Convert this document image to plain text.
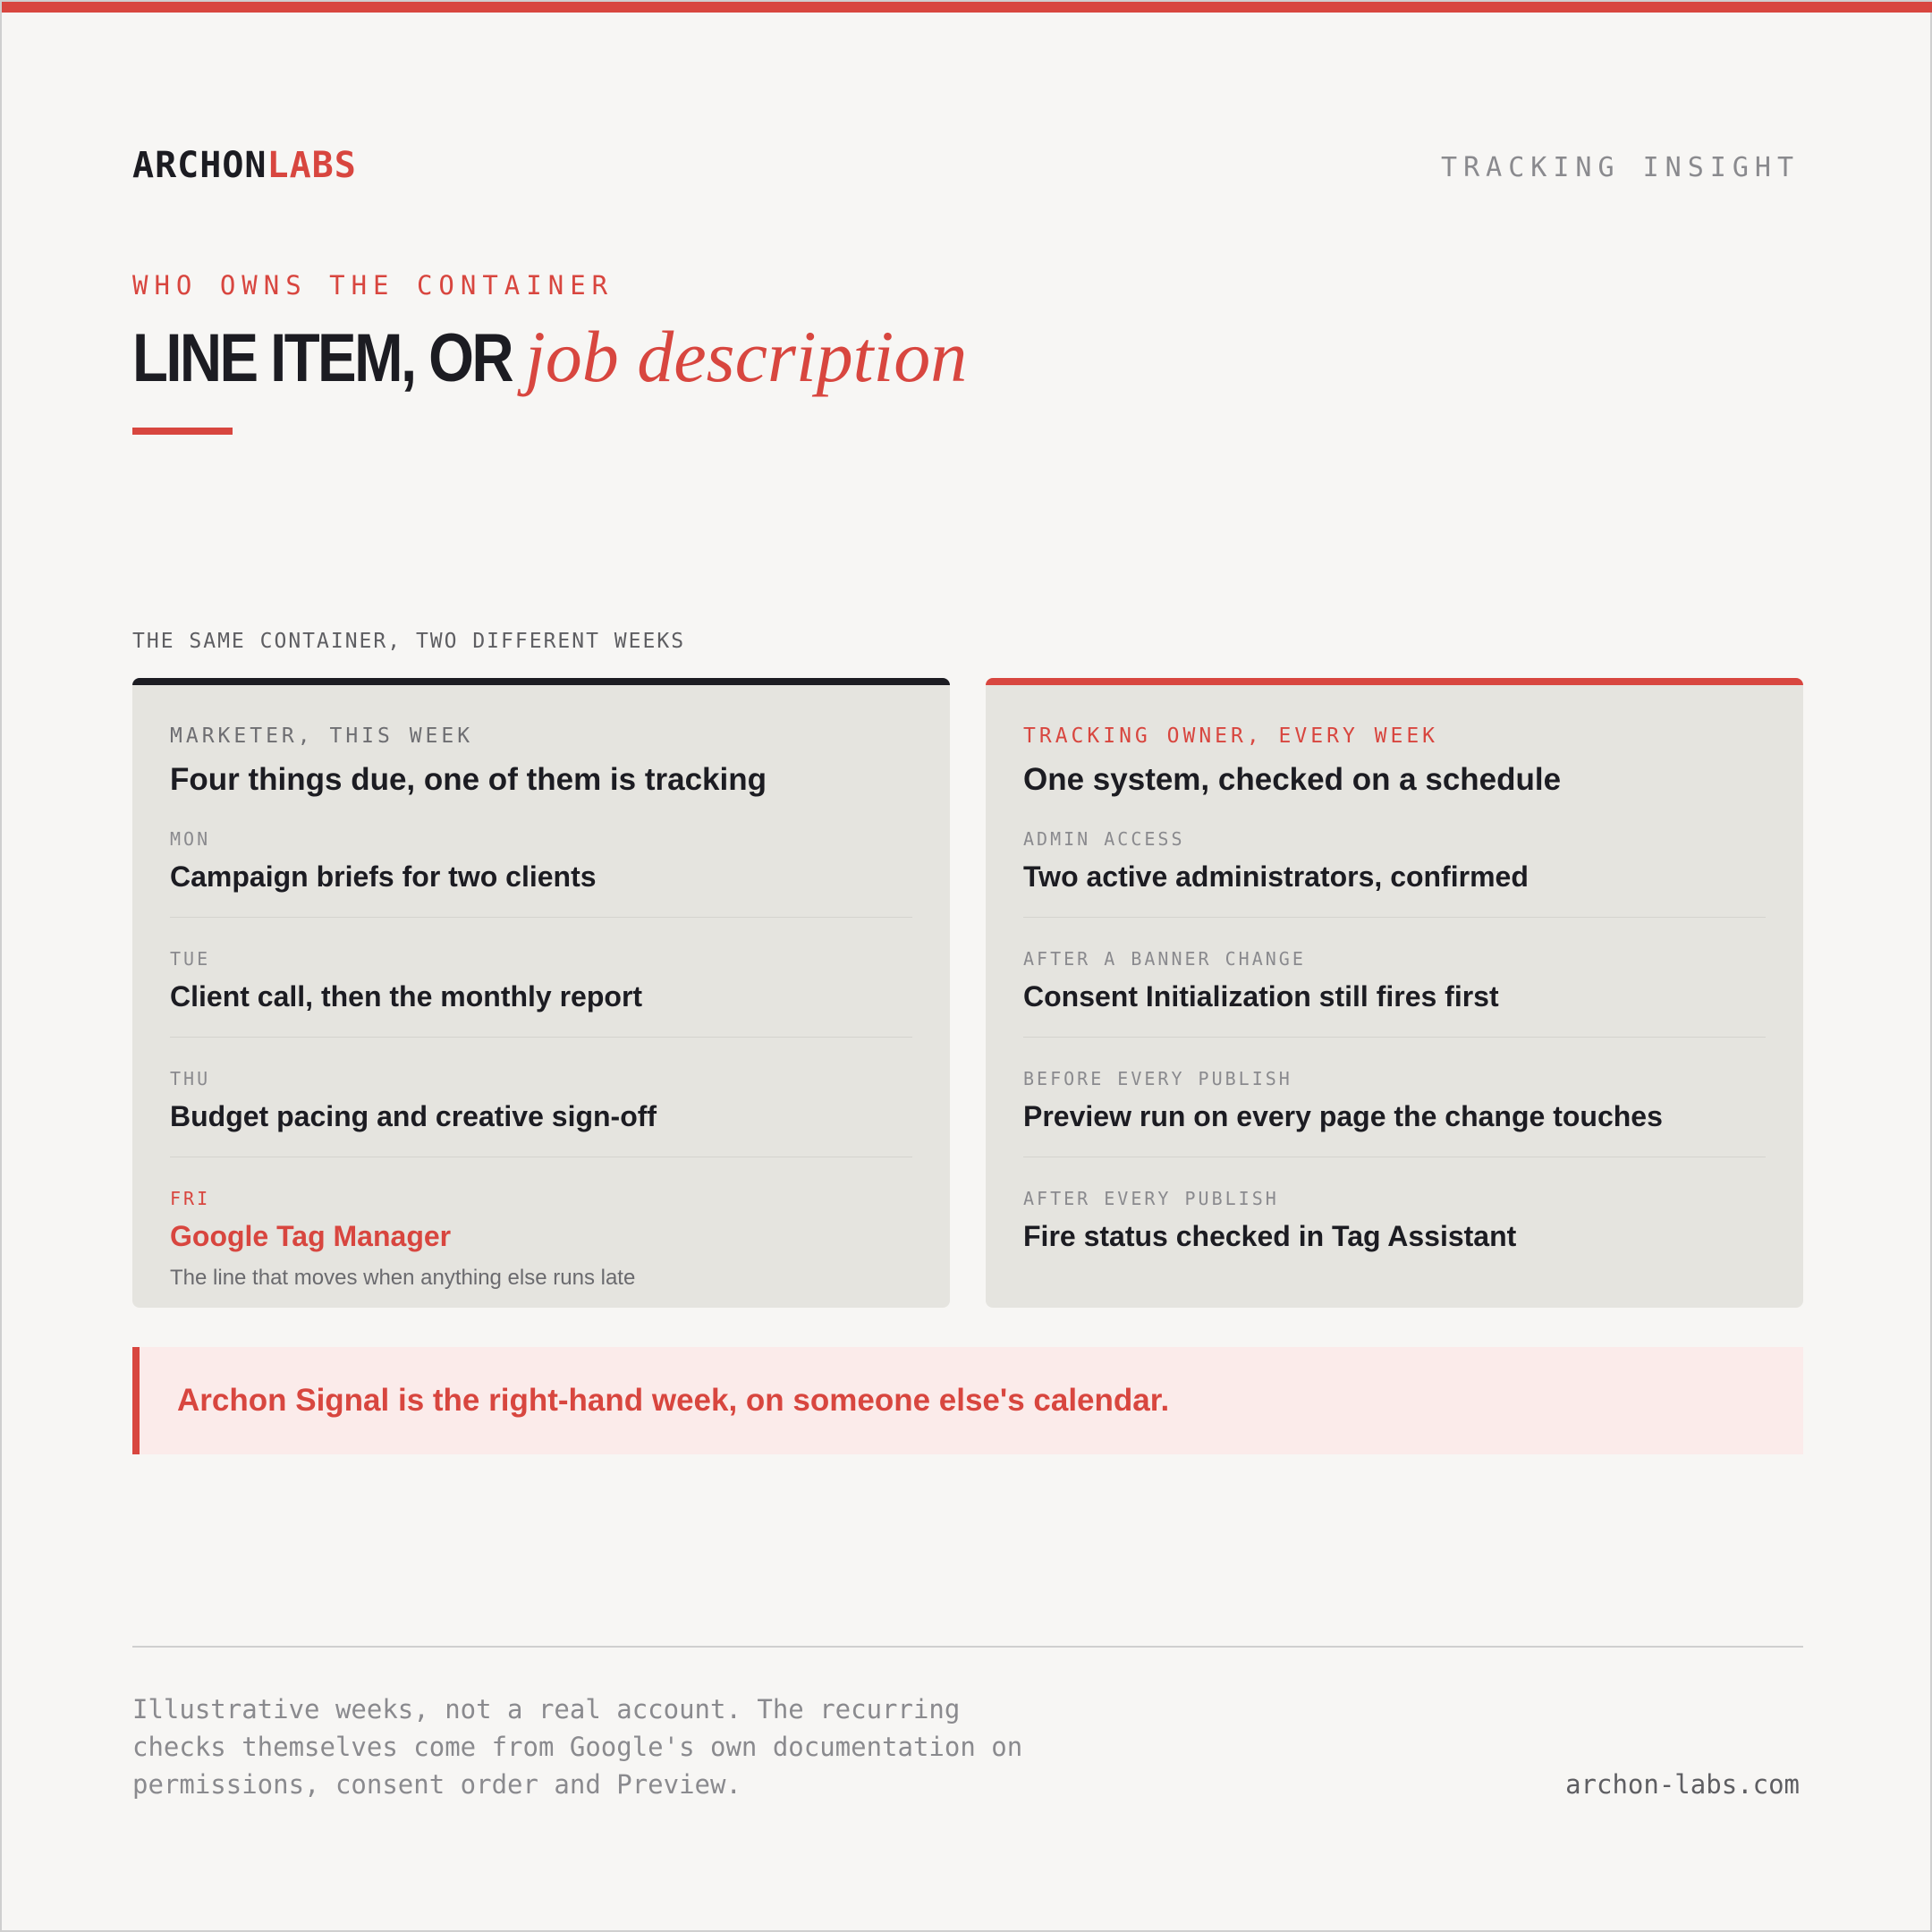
ARCHONLABS	TRACKING INSIGHT
WHO OWNS THE CONTAINER
LINE ITEM, OR job description
THE SAME CONTAINER, TWO DIFFERENT WEEKS
MARKETER, THIS WEEK
Four things due, one of them is tracking
MON
Campaign briefs for two clients
TUE
Client call, then the monthly report
THU
Budget pacing and creative sign-off
FRI
Google Tag Manager
The line that moves when anything else runs late
TRACKING OWNER, EVERY WEEK
One system, checked on a schedule
ADMIN ACCESS
Two active administrators, confirmed
AFTER A BANNER CHANGE
Consent Initialization still fires first
BEFORE EVERY PUBLISH
Preview run on every page the change touches
AFTER EVERY PUBLISH
Fire status checked in Tag Assistant
Archon Signal is the right-hand week, on someone else's calendar.
Illustrative weeks, not a real account. The recurring checks themselves come from Google's own documentation on permissions, consent order and Preview.	archon-labs.com
